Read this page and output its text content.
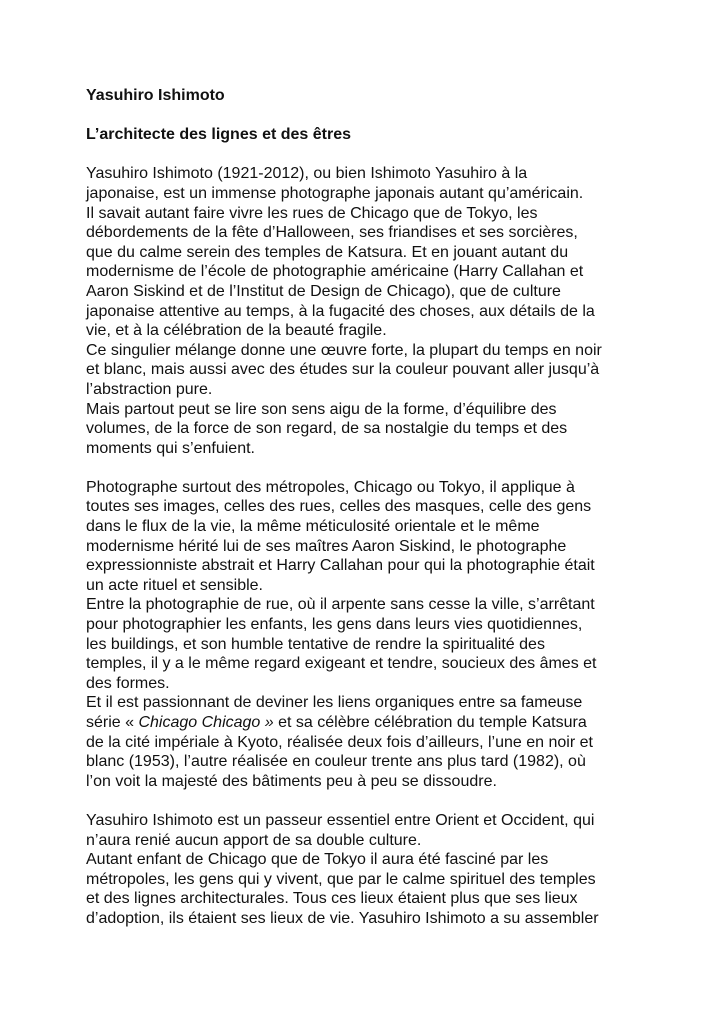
Yasuhiro Ishimoto

L’architecte des lignes et des êtres

Yasuhiro Ishimoto (1921-2012), ou bien Ishimoto Yasuhiro à la
japonaise, est un immense photographe japonais autant qu’américain.
Il savait autant faire vivre les rues de Chicago que de Tokyo, les
débordements de la fête d’Halloween, ses friandises et ses sorcières,
que du calme serein des temples de Katsura. Et en jouant autant du
modernisme de l’école de photographie américaine (Harry Callahan et
Aaron Siskind et de l’Institut de Design de Chicago), que de culture
japonaise attentive au temps, à la fugacité des choses, aux détails de la
vie, et à la célébration de la beauté fragile.

Ce singulier mélange donne une œuvre forte, la plupart du temps en noir
et blanc, mais aussi avec des études sur la couleur pouvant aller jusqu’à
l’abstraction pure.

Mais partout peut se lire son sens aigu de la forme, d’équilibre des
volumes, de la force de son regard, de sa nostalgie du temps et des
moments qui s’enfuient.

Photographe surtout des métropoles, Chicago ou Tokyo, il applique à
toutes ses images, celles des rues, celles des masques, celle des gens
dans le flux de la vie, la même méticulosité orientale et le même
modernisme hérité lui de ses maîtres Aaron Siskind, le photographe
expressionniste abstrait et Harry Callahan pour qui la photographie était
un acte rituel et sensible.

Entre la photographie de rue, où il arpente sans cesse la ville, s’arrêtant
pour photographier les enfants, les gens dans leurs vies quotidiennes,
les buildings, et son humble tentative de rendre la spiritualité des
temples, il y a le même regard exigeant et tendre, soucieux des âmes et
des formes.

Et il est passionnant de deviner les liens organiques entre sa fameuse
série « Chicago Chicago » et sa célèbre célébration du temple Katsura
de la cité impériale à Kyoto, réalisée deux fois d’ailleurs, l’une en noir et
blanc (1953), l’autre réalisée en couleur trente ans plus tard (1982), où
l’on voit la majesté des bâtiments peu à peu se dissoudre.

Yasuhiro Ishimoto est un passeur essentiel entre Orient et Occident, qui
n’aura renié aucun apport de sa double culture.

Autant enfant de Chicago que de Tokyo il aura été fasciné par les
métropoles, les gens qui y vivent, que par le calme spirituel des temples
et des lignes architecturales. Tous ces lieux étaient plus que ses lieux
d’adoption, ils étaient ses lieux de vie. Yasuhiro Ishimoto a su assembler
